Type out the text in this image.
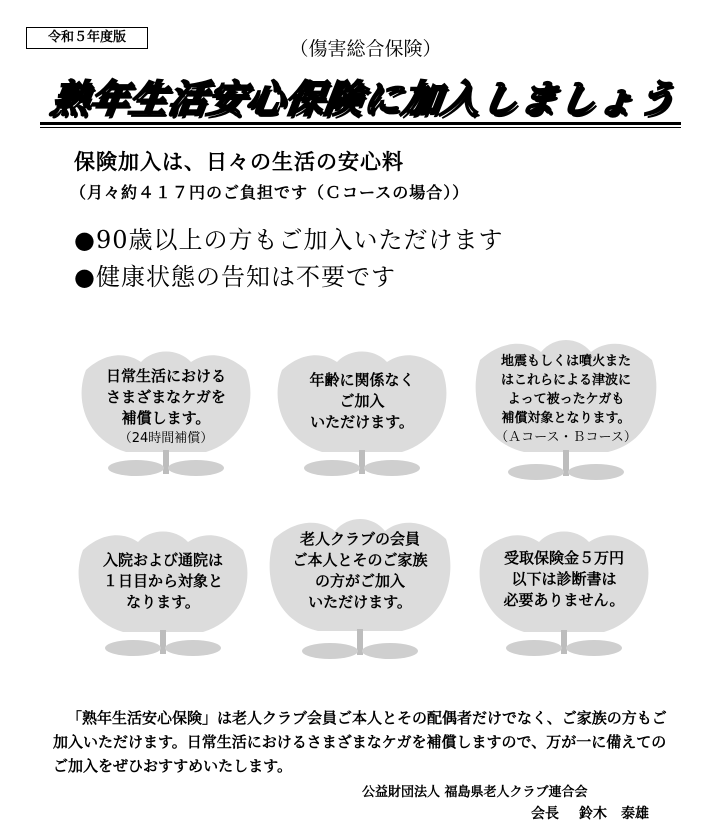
令和５年度版
（傷害総合保険）
熟年生活安心保険に加入しましょう
保険加入は、日々の生活の安心料
（月々約４１７円のご負担です（Ｃコースの場合））
●90歳以上の方もご加入いただけます
●健康状態の告知は不要です
日常生活における
さまざまなケガを
補償します。
（24時間補償）
年齢に関係なく
ご加入
いただけます。
地震もしくは噴火また
はこれらによる津波に
よって被ったケガも
補償対象となります。
（Ａコース・Ｂコース）
入院および通院は
１日目から対象と
なります。
老人クラブの会員
ご本人とそのご家族
の方がご加入
いただけます。
受取保険金５万円
以下は診断書は
必要ありません。
「熟年生活安心保険」は老人クラブ会員ご本人とその配偶者だけでなく、ご家族の方もご加入いただけます。日常生活におけるさまざまなケガを補償しますので、万が一に備えてのご加入をぜひおすすめいたします。
公益財団法人 福島県老人クラブ連合会
会長 鈴木　泰雄
